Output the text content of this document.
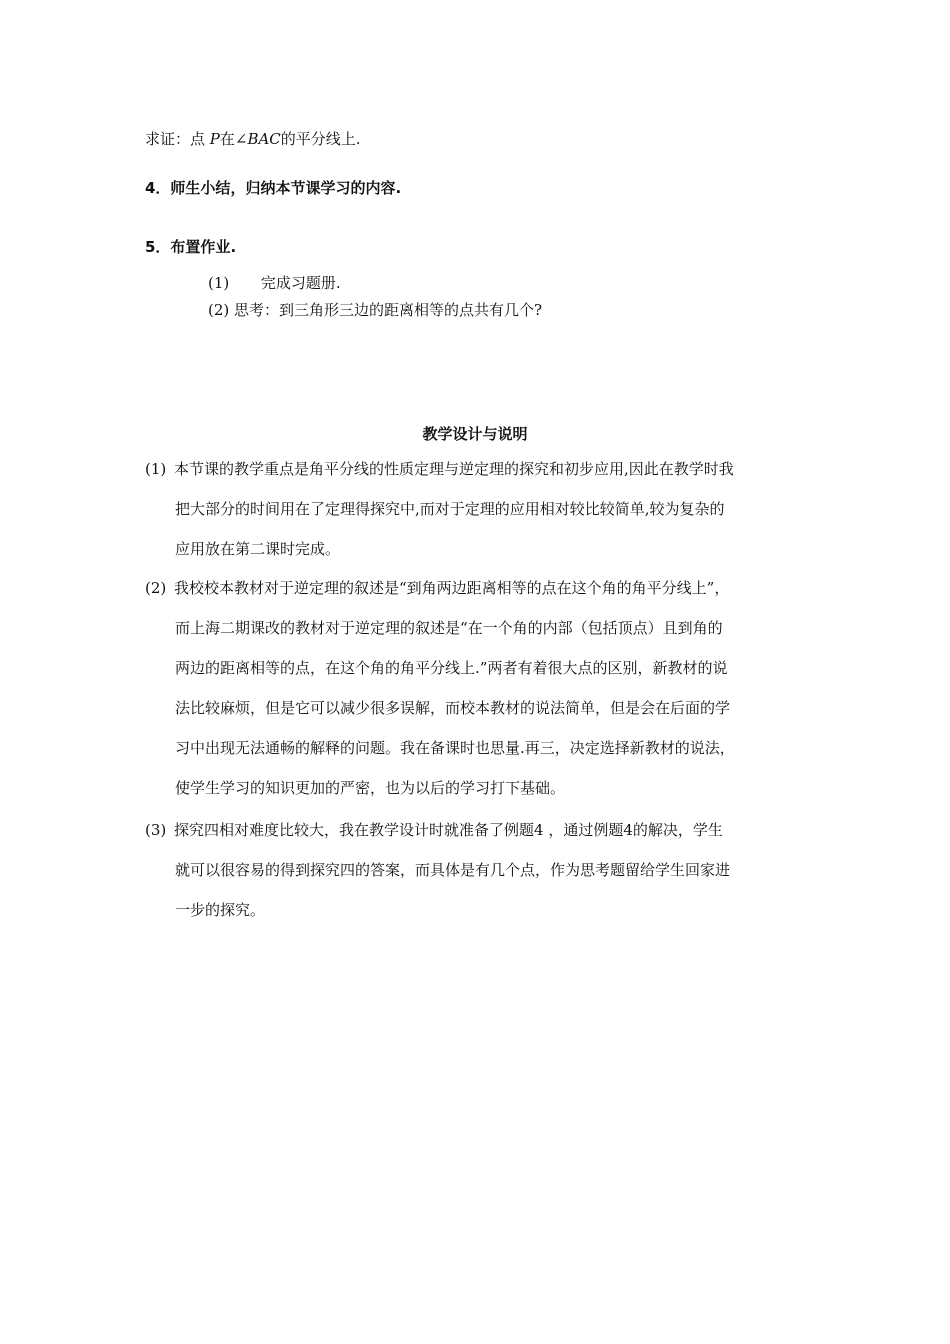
求证：点 P在∠BAC的平分线上.
4．师生小结，归纳本节课学习的内容.
5．布置作业.
(1) 完成习题册.
(2) 思考：到三角形三边的距离相等的点共有几个?
教学设计与说明
(1) 本节课的教学重点是角平分线的性质定理与逆定理的探究和初步应用,因此在教学时我
把大部分的时间用在了定理得探究中,而对于定理的应用相对较比较简单,较为复杂的
应用放在第二课时完成。
(2) 我校校本教材对于逆定理的叙述是“到角两边距离相等的点在这个角的角平分线上”，
而上海二期课改的教材对于逆定理的叙述是“在一个角的内部（包括顶点）且到角的
两边的距离相等的点，在这个角的角平分线上.”两者有着很大点的区别，新教材的说
法比较麻烦，但是它可以减少很多误解，而校本教材的说法简单，但是会在后面的学
习中出现无法通畅的解释的问题。我在备课时也思量.再三，决定选择新教材的说法，
使学生学习的知识更加的严密，也为以后的学习打下基础。
(3) 探究四相对难度比较大，我在教学设计时就准备了例题4 ，通过例题4的解决，学生
就可以很容易的得到探究四的答案，而具体是有几个点，作为思考题留给学生回家进
一步的探究。
